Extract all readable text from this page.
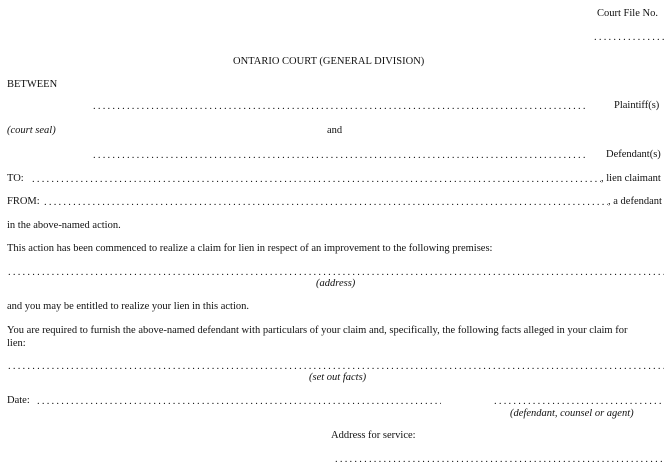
Court File No.
. . .
ONTARIO COURT (GENERAL DIVISION)
BETWEEN
. . .
Plaintiff(s)
(court seal)	and
. . .
Defendant(s)
TO: . . .	, lien claimant
FROM: . . .	, a defendant
in the above-named action.
This action has been commenced to realize a claim for lien in respect of an improvement to the following premises:
. . .
(address)
and you may be entitled to realize your lien in this action.
You are required to furnish the above-named defendant with particulars of your claim and, specifically, the following facts alleged in your claim for
lien:
. . .
(set out facts)
Date:
. . .
. . .
(defendant, counsel or agent)
Address for service:
. . .
